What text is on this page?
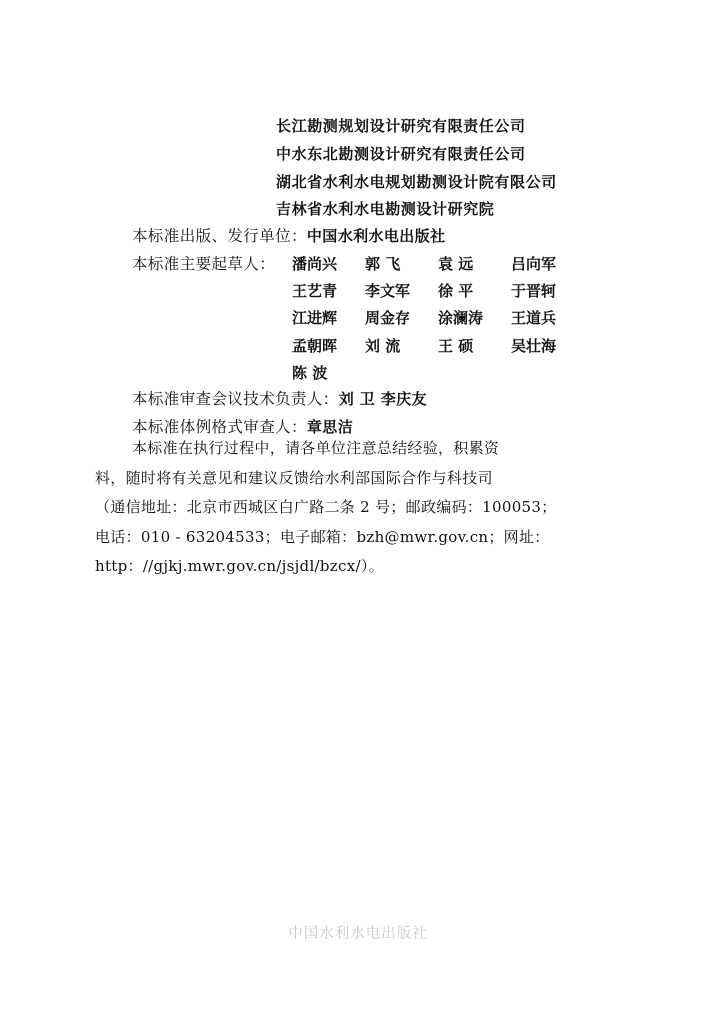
长江勘测规划设计研究有限责任公司
中水东北勘测设计研究有限责任公司
湖北省水利水电规划勘测设计院有限公司
吉林省水利水电勘测设计研究院
本标准出版、发行单位：中国水利水电出版社
本标准主要起草人： 潘尚兴 郭 飞	袁 远	吕向军
王艺青 李文军 徐 平	于晋轲
江进辉 周金存 涂澜涛 王道兵
孟朝晖 刘 流	王 硕	吴壮海
陈 波
本标准审查会议技术负责人：刘 卫 李庆友
本标准体例格式审查人：章思洁

本标准在执行过程中，请各单位注意总结经验，积累资

料，随时将有关意见和建议反馈给水利部国际合作与科技司

（通信地址：北京市西城区白广路二条 2 号；邮政编码：100053；

电话：010 - 63204533；电子邮箱：bzh@mwr.gov.cn；网址：

http：//gjkj.mwr.gov.cn/jsjdl/bzcx/）。

中国水利水电出版社
